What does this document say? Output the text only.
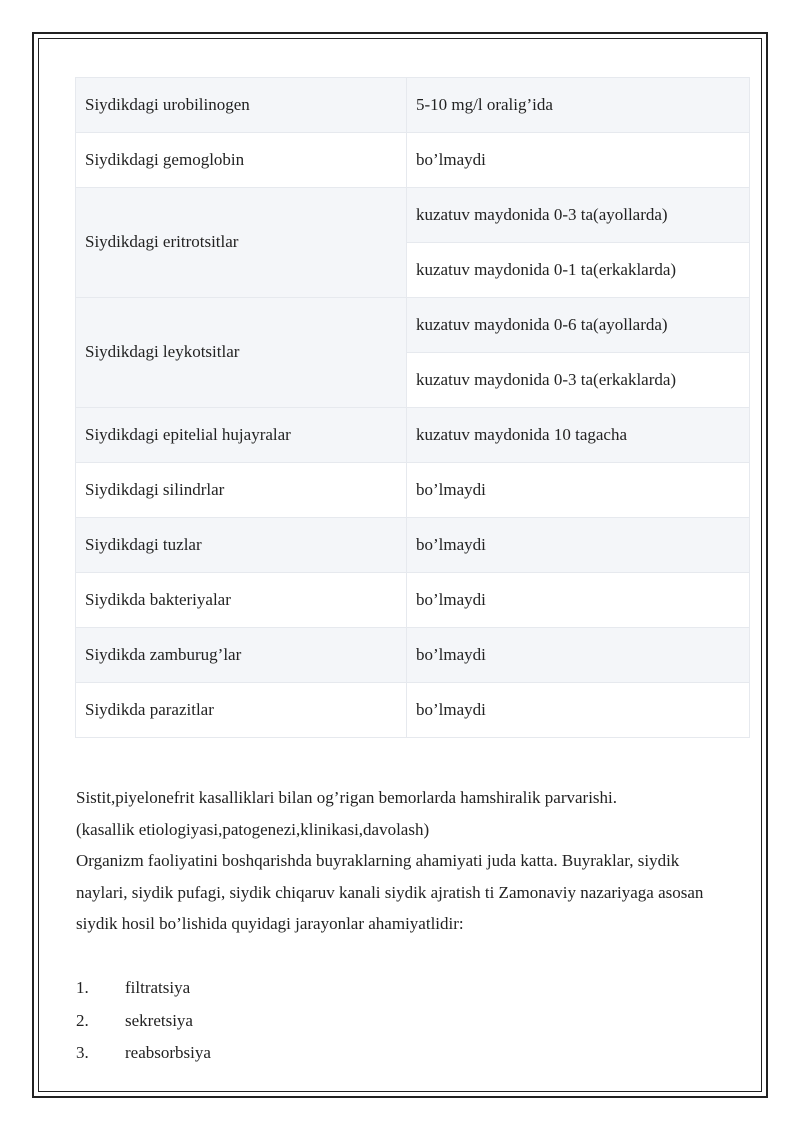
Siydikdagi urobilinogen	5-10 mg/l oralig’ida
Siydikdagi gemoglobin	bo’lmaydi
Siydikdagi eritrotsitlar	kuzatuv maydonida 0-3 ta(ayollarda)
	kuzatuv maydonida 0-1 ta(erkaklarda)
Siydikdagi leykotsitlar	kuzatuv maydonida 0-6 ta(ayollarda)
	kuzatuv maydonida 0-3 ta(erkaklarda)
Siydikdagi epitelial hujayralar	kuzatuv maydonida 10 tagacha
Siydikdagi silindrlar	bo’lmaydi
Siydikdagi tuzlar	bo’lmaydi
Siydikda bakteriyalar	bo’lmaydi
Siydikda zamburug’lar	bo’lmaydi
Siydikda parazitlar	bo’lmaydi

Sistit,piyelonefrit kasalliklari bilan og’rigan bemorlarda hamshiralik parvarishi.

(kasallik etiologiyasi,patogenezi,klinikasi,davolash)

Organizm faoliyatini boshqarishda buyraklarning ahamiyati juda katta. Buyraklar, siydik naylari, siydik pufagi, siydik chiqaruv kanali siydik ajratish ti Zamonaviy nazariyaga asosan siydik hosil bo’lishida quyidagi jarayonlar ahamiyatlidir:

1.	filtratsiya
2.	sekretsiya
3.	reabsorbsiya
